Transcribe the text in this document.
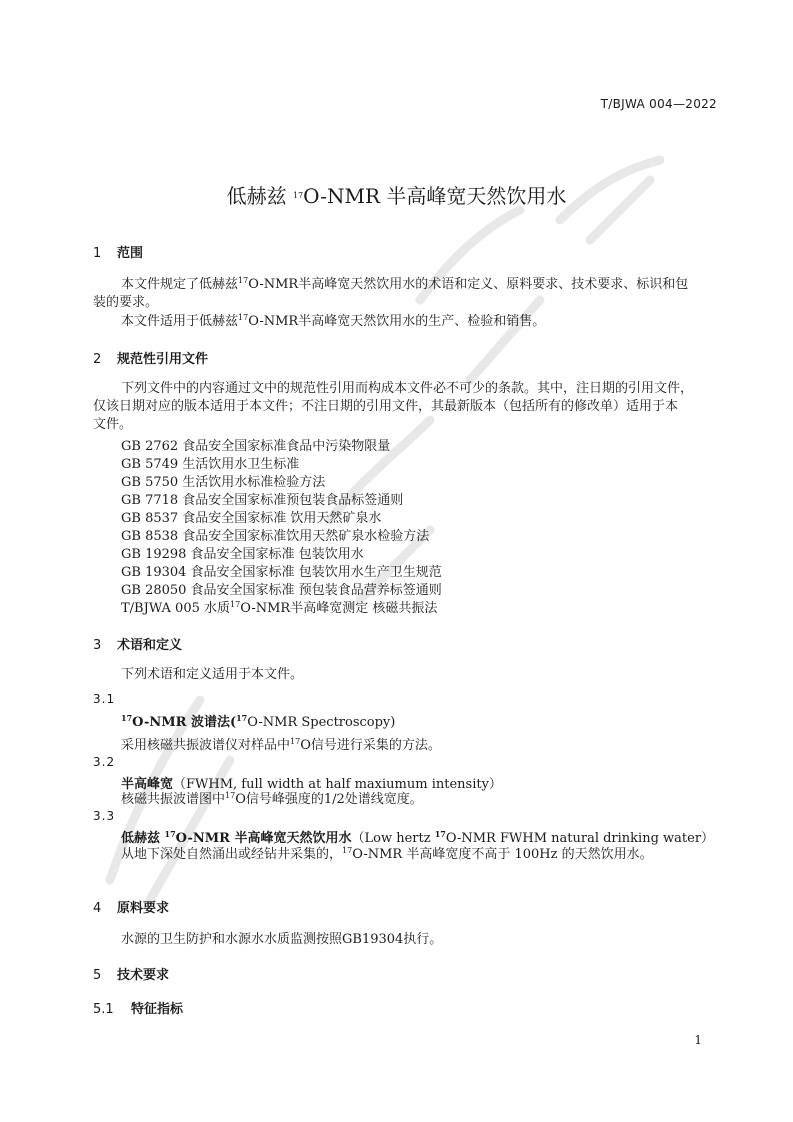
T/BJWA 004—2022
低赫兹 $^{17}$O-NMR 半高峰宽天然饮用水
1 范围
本文件规定了低赫兹$^{17}$O-NMR半高峰宽天然饮用水的术语和定义、原料要求、技术要求、标识和包
装的要求。
本文件适用于低赫兹$^{17}$O-NMR半高峰宽天然饮用水的生产、检验和销售。
2 规范性引用文件
下列文件中的内容通过文中的规范性引用而构成本文件必不可少的条款。其中，注日期的引用文件，
仅该日期对应的版本适用于本文件；不注日期的引用文件，其最新版本（包括所有的修改单）适用于本
文件。
GB 2762 食品安全国家标准食品中污染物限量
GB 5749 生活饮用水卫生标准
GB 5750 生活饮用水标准检验方法
GB 7718 食品安全国家标准预包装食品标签通则
GB 8537 食品安全国家标准 饮用天然矿泉水
GB 8538 食品安全国家标准饮用天然矿泉水检验方法
GB 19298 食品安全国家标准 包装饮用水
GB 19304 食品安全国家标准 包装饮用水生产卫生规范
GB 28050 食品安全国家标准 预包装食品营养标签通则
T/BJWA 005 水质$^{17}$O-NMR半高峰宽测定 核磁共振法
3 术语和定义
下列术语和定义适用于本文件。
3.1
$^{17}$O-NMR 波谱法($^{17}$O-NMR Spectroscopy)
采用核磁共振波谱仪对样品中$^{17}$O信号进行采集的方法。
3.2
半高峰宽（FWHM, full width at half maxiumum intensity）
核磁共振波谱图中$^{17}$O信号峰强度的1/2处谱线宽度。
3.3
低赫兹 $^{17}$O-NMR 半高峰宽天然饮用水（Low hertz $^{17}$O-NMR FWHM natural drinking water）
从地下深处自然涌出或经钻井采集的，$^{17}$O-NMR 半高峰宽度不高于 100Hz 的天然饮用水。
4 原料要求
水源的卫生防护和水源水水质监测按照GB19304执行。
5 技术要求
5.1 特征指标
1
